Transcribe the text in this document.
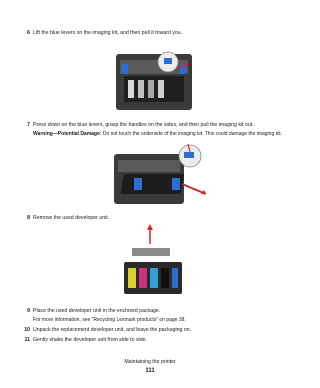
6 Lift the blue levers on the imaging kit, and then pull it toward you.
7 Press down on the blue levers, grasp the handles on the sides, and then pull the imaging kit out.
Warning—Potential Damage: Do not touch the underside of the imaging kit. This could damage the imaging kit.
8 Remove the used developer unit.
9 Place the used developer unit in the enclosed package.
For more information, see "Recycling Lexmark products" on page 38.
10 Unpack the replacement developer unit, and leave the packaging on.
11 Gently shake the developer unit from side to side.
Maintaining the printer
111
